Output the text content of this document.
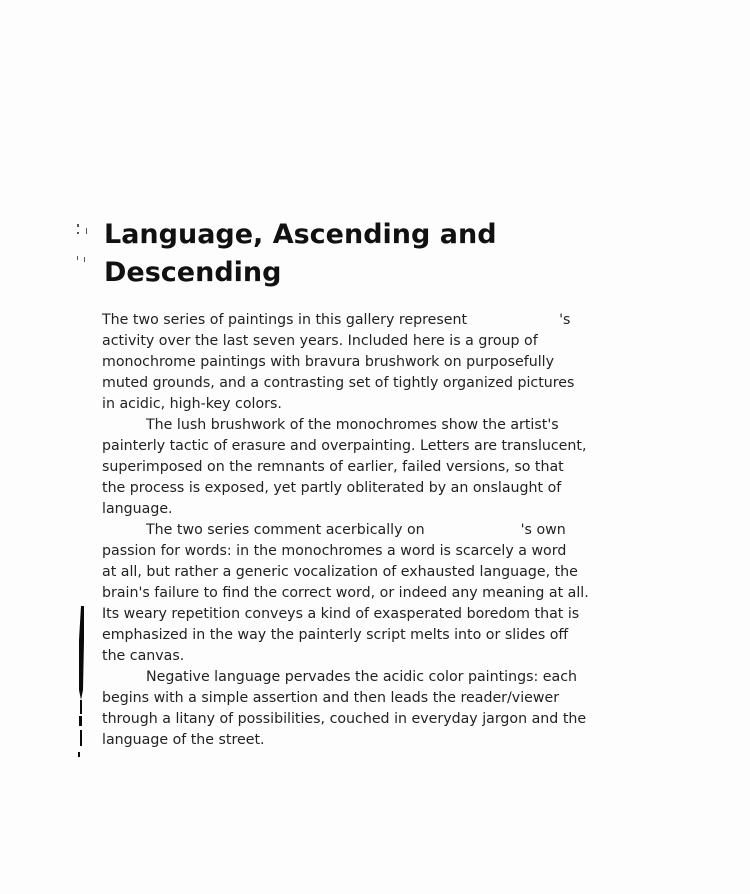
Language, Ascending and
Descending
The two series of paintings in this gallery represent	's
activity over the last seven years. Included here is a group of
monochrome paintings with bravura brushwork on purposefully
muted grounds, and a contrasting set of tightly organized pictures
in acidic, high-key colors.
The lush brushwork of the monochromes show the artist's
painterly tactic of erasure and overpainting. Letters are translucent,
superimposed on the remnants of earlier, failed versions, so that
the process is exposed, yet partly obliterated by an onslaught of
language.
The two series comment acerbically on	's own
passion for words: in the monochromes a word is scarcely a word
at all, but rather a generic vocalization of exhausted language, the
brain's failure to find the correct word, or indeed any meaning at all.
Its weary repetition conveys a kind of exasperated boredom that is
emphasized in the way the painterly script melts into or slides off
the canvas.
Negative language pervades the acidic color paintings: each
begins with a simple assertion and then leads the reader/viewer
through a litany of possibilities, couched in everyday jargon and the
language of the street.
